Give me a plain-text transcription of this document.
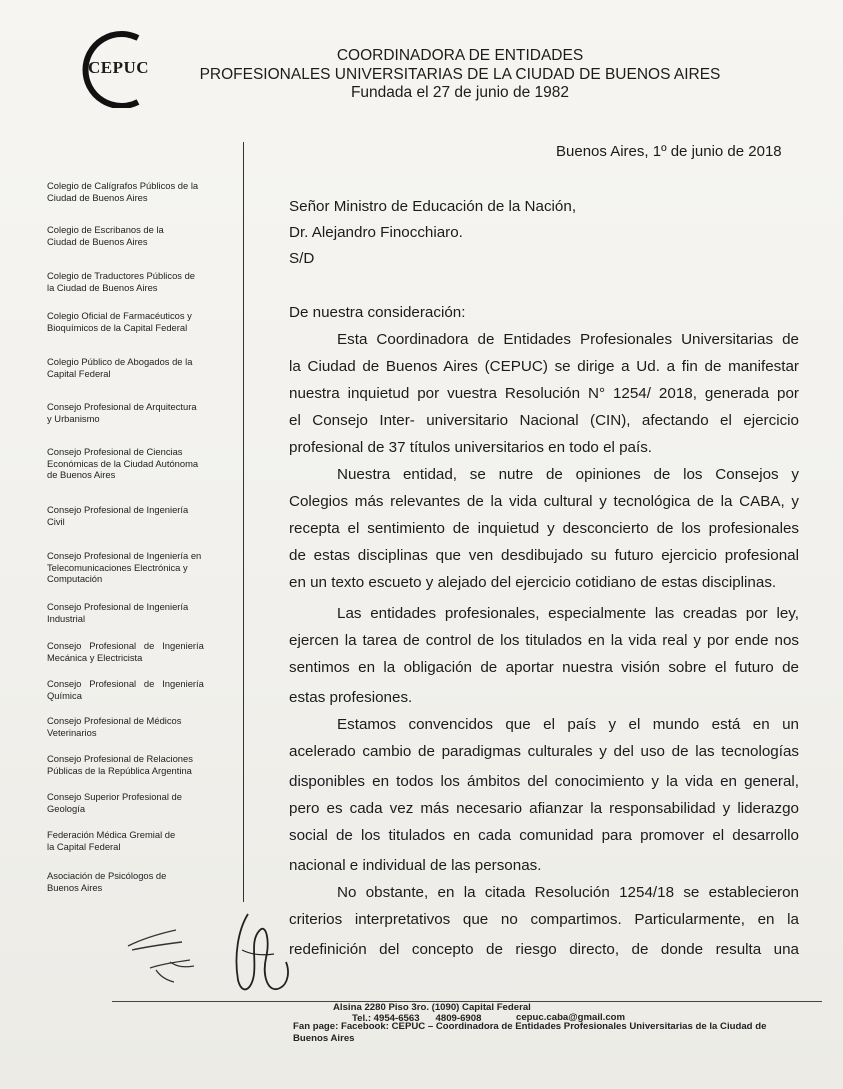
CEPUC
COORDINADORA DE ENTIDADES
PROFESIONALES UNIVERSITARIAS DE LA CIUDAD DE BUENOS AIRES
Fundada el 27 de junio de 1982
Buenos Aires, 1º de junio de 2018
Colegio de Calígrafos Públicos de la
Ciudad de Buenos Aires
Colegio de Escribanos de la
Ciudad de Buenos Aires
Colegio de Traductores Públicos de
la Ciudad de Buenos Aires
Colegio Oficial de Farmacéuticos y
Bioquímicos de la Capital Federal
Colegio Público de Abogados de la
Capital Federal
Consejo Profesional de Arquitectura
y Urbanismo
Consejo Profesional de Ciencias
Económicas de la Ciudad Autónoma
de Buenos Aires
Consejo Profesional de Ingeniería
Civil
Consejo Profesional de Ingeniería en
Telecomunicaciones Electrónica y
Computación
Consejo Profesional de Ingeniería
Industrial
Consejo   Profesional   de   Ingeniería
Mecánica y Electricista
Consejo   Profesional   de   Ingeniería
Química
Consejo Profesional de Médicos
Veterinarios
Consejo Profesional de Relaciones
Públicas de la República Argentina
Consejo Superior Profesional de
Geología
Federación Médica Gremial de
la Capital Federal
Asociación de Psicólogos de
Buenos Aires
Señor Ministro de Educación de la Nación,
Dr. Alejandro Finocchiaro.
S/D
De nuestra consideración:
Esta Coordinadora de Entidades Profesionales Universitarias de
la Ciudad de Buenos Aires (CEPUC) se dirige a Ud. a fin de manifestar
nuestra inquietud por vuestra Resolución N° 1254/ 2018, generada por
el Consejo Inter- universitario Nacional (CIN), afectando el ejercicio
profesional de 37 títulos universitarios en todo el país.
Nuestra entidad, se nutre de opiniones de los Consejos y
Colegios más relevantes de la vida cultural y tecnológica de la CABA, y
recepta el sentimiento de inquietud y desconcierto de los profesionales
de estas disciplinas que ven desdibujado su futuro ejercicio profesional
en un texto escueto y alejado del ejercicio cotidiano de estas disciplinas.
Las entidades profesionales, especialmente las creadas por ley,
ejercen la tarea de control de los titulados en la vida real y por ende nos
sentimos en la obligación de aportar nuestra visión sobre el futuro de
estas profesiones.
Estamos convencidos que el país y el mundo está en un
acelerado cambio de paradigmas culturales y del uso de las tecnologías
disponibles en todos los ámbitos del conocimiento y la vida en general,
pero es cada vez más necesario afianzar la responsabilidad y liderazgo
social de los titulados en cada comunidad para promover el desarrollo
nacional e individual de las personas.
No obstante, en la citada Resolución 1254/18 se establecieron
criterios interpretativos que no compartimos. Particularmente, en la
redefinición del concepto de riesgo directo, de donde resulta una
Alsina 2280 Piso 3ro. (1090) Capital Federal
Tel.: 4954-6563      4809-6908	cepuc.caba@gmail.com
Fan page: Facebook: CEPUC – Coordinadora de Entidades Profesionales Universitarias de la Ciudad de
Buenos Aires
